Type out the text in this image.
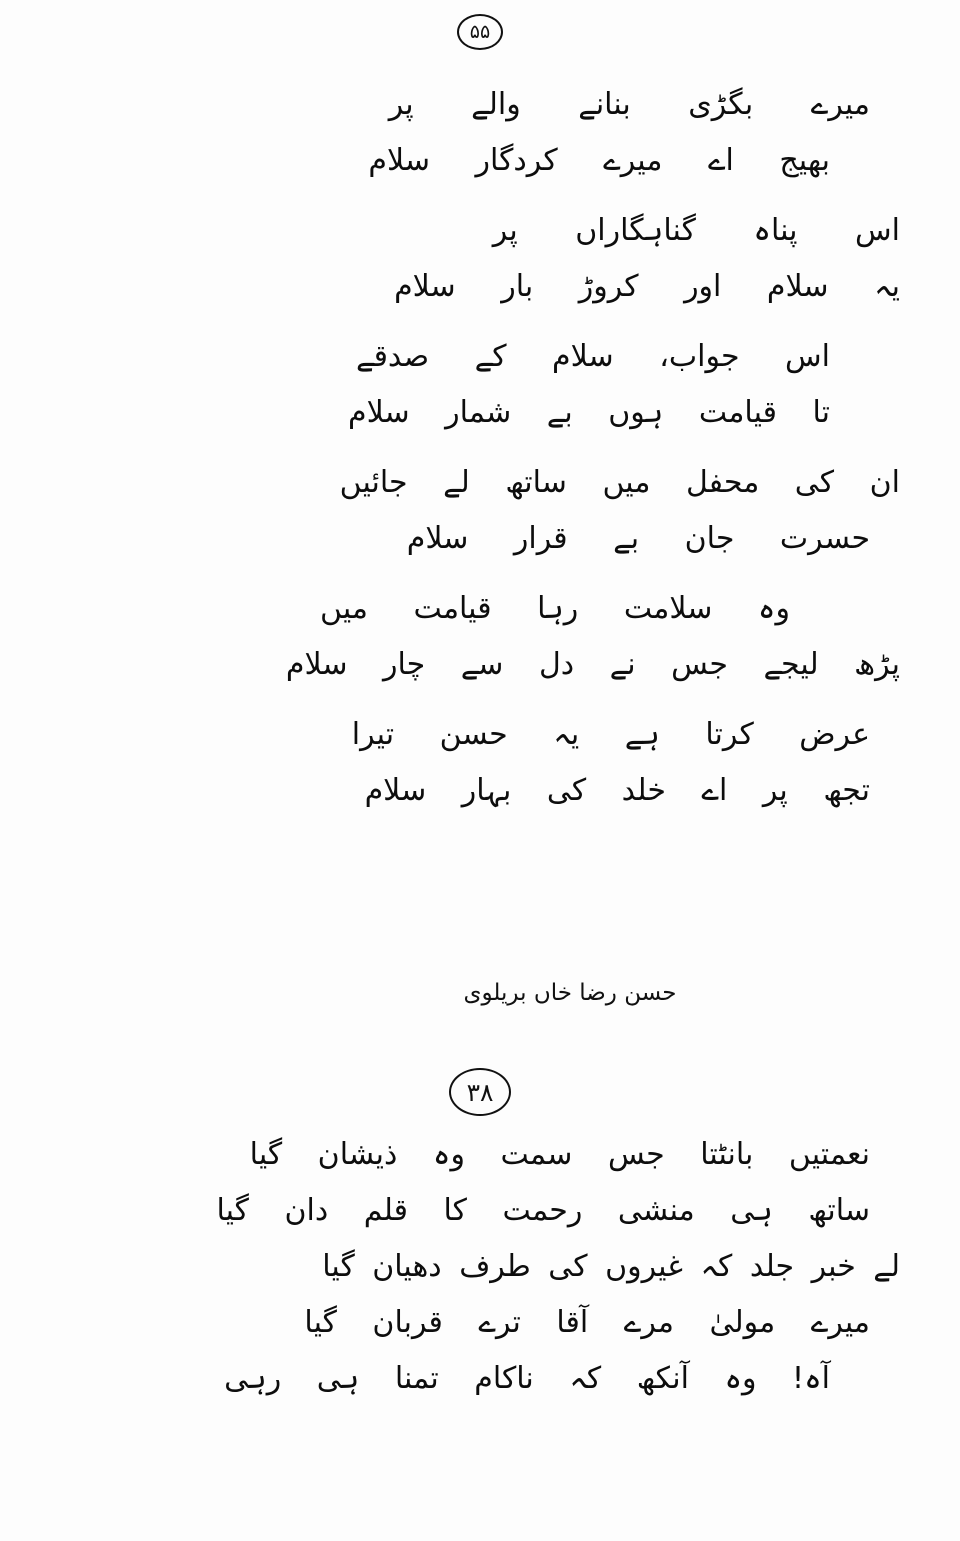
۵۵

میرے بگڑی بنانے والے پر

بھیج اے میرے کردگار سلام

اس پناہ گناہگاراں پر

یہ سلام اور کروڑ بار سلام

اس جواب، سلام کے صدقے

تا قیامت ہوں بے شمار سلام

ان کی محفل میں ساتھ لے جائیں

حسرت جان بے قرار سلام

وہ سلامت رہا قیامت میں

پڑھ لیجے جس نے دل سے چار سلام

عرض کرتا ہے یہ حسن تیرا

تجھ پر اے خلد کی بہار سلام

حسن رضا خاں بریلوی
۳۸

نعمتیں بانٹتا جس سمت وہ ذیشان گیا

ساتھ ہی منشی رحمت کا قلم دان گیا

لے خبر جلد کہ غیروں کی طرف دھیان گیا

میرے مولیٰ مرے آقا ترے قربان گیا

آہ! وہ آنکھ کہ ناکام تمنا ہی رہی
